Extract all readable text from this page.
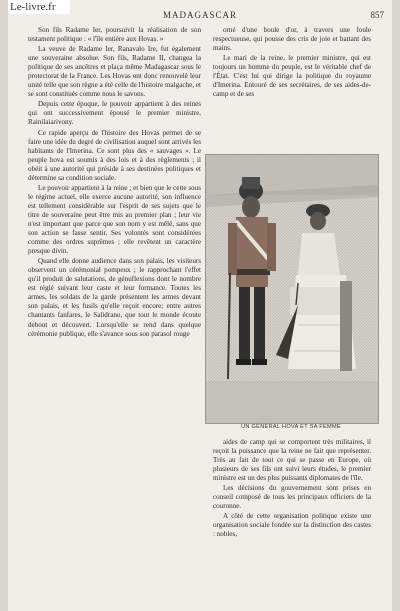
Le-livre.fr
MADAGASCAR	857

Son fils Radame Ier, poursuivit la réalisation de son testament politique : « l'île entière aux Hovas. »

La veuve de Radame Ier, Ranavalo Ire, fut également une souveraine absolue. Son fils, Radame II, changea la politique de ses ancêtres et plaça même Madagascar sous le protectorat de la France. Les Hovas ont donc renouvelé leur unité telle que son règne a été celle de l'histoire malgache, et se sont constitués comme nous le savons.

Depuis cette époque, le pouvoir appartient à des reines qui ont successivement épousé le premier ministre, Rainilaiarivony.

Ce rapide aperçu de l'histoire des Hovas permet de se faire une idée du degré de civilisation auquel sont arrivés les habitants de l'Imerina. Ce sont plus des « sauvages ». Le peuple hova est soumis à des lois et à des règlements ; il obéit à une autorité qui préside à ses destinées politiques et détermine sa condition sociale.

Le pouvoir appartient à la reine ; et bien que le cette sous le régime actuel, elle exerce aucune autorité, son influence est tellement considérable sur l'esprit de ses sujets que le titre de souveraine peut être mis au premier plan ; leur vie n'est important que parce que son nom y est mêlé, sans que son action se fasse sentir. Ses volontés sont considérées comme des ordres suprêmes ; elle revêtent un caractère presque divin.

Quand elle donne audience dans son palais, les visiteurs observent un cérémonial pompeux ; le rapprochant l'effet qu'il produit de salutations, de génuflexions dont le nombre est réglé suivant leur caste et leur formance. Toutes les armes, les soldats de la garde présentent les armes devant son palais, et les fusils qu'elle reçoit encore; entre autres chantants fanfares, le Salidrano, que tout le monde écoute debout et découvert. Lorsqu'elle se rend dans quelque cérémonie publique, elle s'avance sous son parasol rouge

orné d'une boule d'or, à travers une foule respectueuse, qui pousse des cris de joie et battant des mains.

Le mari de la reine, le premier ministre, qui est toujours un homme du peuple, est le véritable chef de l'État. C'est lui qui dirige la politique du royaume d'Imerina. Entouré de ses secrétaires, de ses aides-de-camp et de ses

UN GÉNÉRAL HOVA ET SA FEMME

aides de camp qui se comportent très militaires, il reçoit la puissance que la reine ne fait que représenter. Très au fait de tout ce qui se passe en Europe, où plusieurs de ses fils ont suivi leurs études, le premier ministre est un des plus puissants diplomates de l'île.

Les décisions du gouvernement sont prises en conseil composé de tous les principaux officiers de la couronne.

A côté de cette organisation politique existe une organisation sociale fondée sur la distinction des castes : nobles,
